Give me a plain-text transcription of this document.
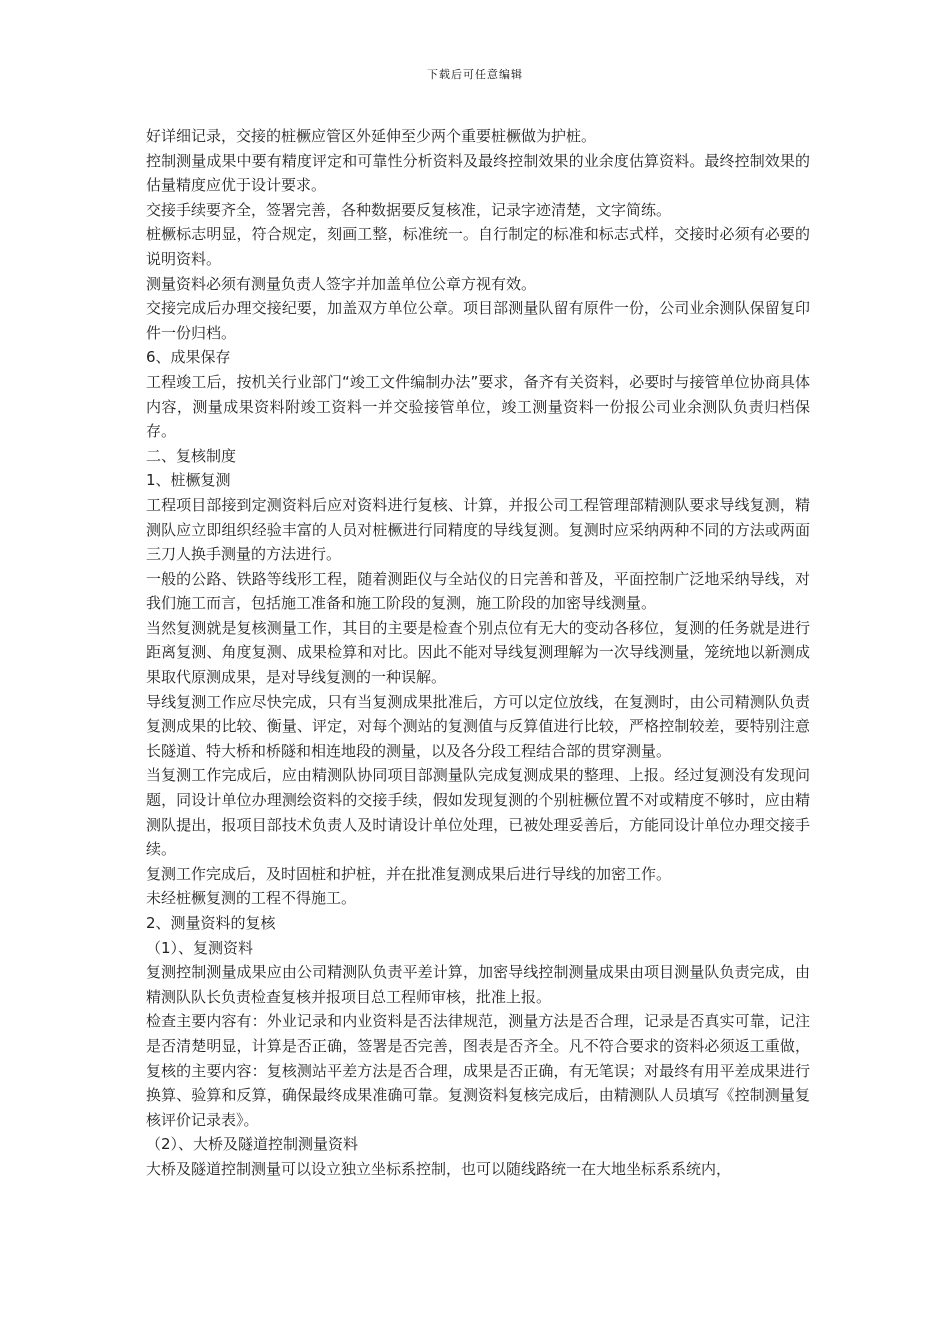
下载后可任意编辑

好详细记录，交接的桩橛应管区外延伸至少两个重要桩橛做为护桩。

控制测量成果中要有精度评定和可靠性分析资料及最终控制效果的业余度估算资料。最终控制效果的估量精度应优于设计要求。

交接手续要齐全，签署完善，各种数据要反复核准，记录字迹清楚，文字简练。

桩橛标志明显，符合规定，刻画工整，标准统一。自行制定的标准和标志式样，交接时必须有必要的说明资料。

测量资料必须有测量负责人签字并加盖单位公章方视有效。

交接完成后办理交接纪要，加盖双方单位公章。项目部测量队留有原件一份，公司业余测队保留复印件一份归档。

6、成果保存

工程竣工后，按机关行业部门“竣工文件编制办法”要求，备齐有关资料，必要时与接管单位协商具体内容，测量成果资料附竣工资料一并交验接管单位，竣工测量资料一份报公司业余测队负责归档保存。

二、复核制度

1、桩橛复测

工程项目部接到定测资料后应对资料进行复核、计算，并报公司工程管理部精测队要求导线复测，精测队应立即组织经验丰富的人员对桩橛进行同精度的导线复测。复测时应采纳两种不同的方法或两面三刀人换手测量的方法进行。

一般的公路、铁路等线形工程，随着测距仪与全站仪的日完善和普及，平面控制广泛地采纳导线，对我们施工而言，包括施工准备和施工阶段的复测，施工阶段的加密导线测量。

当然复测就是复核测量工作，其目的主要是检查个别点位有无大的变动各移位，复测的任务就是进行距离复测、角度复测、成果检算和对比。因此不能对导线复测理解为一次导线测量，笼统地以新测成果取代原测成果，是对导线复测的一种误解。

导线复测工作应尽快完成，只有当复测成果批准后，方可以定位放线，在复测时，由公司精测队负责复测成果的比较、衡量、评定，对每个测站的复测值与反算值进行比较，严格控制较差，要特别注意长隧道、特大桥和桥隧和相连地段的测量，以及各分段工程结合部的贯穿测量。

当复测工作完成后，应由精测队协同项目部测量队完成复测成果的整理、上报。经过复测没有发现问题，同设计单位办理测绘资料的交接手续，假如发现复测的个别桩橛位置不对或精度不够时，应由精测队提出，报项目部技术负责人及时请设计单位处理，已被处理妥善后，方能同设计单位办理交接手续。

复测工作完成后，及时固桩和护桩，并在批准复测成果后进行导线的加密工作。

未经桩橛复测的工程不得施工。

2、测量资料的复核

（1）、复测资料

复测控制测量成果应由公司精测队负责平差计算，加密导线控制测量成果由项目测量队负责完成，由精测队队长负责检查复核并报项目总工程师审核，批准上报。

检查主要内容有：外业记录和内业资料是否法律规范，测量方法是否合理，记录是否真实可靠，记注是否清楚明显，计算是否正确，签署是否完善，图表是否齐全。凡不符合要求的资料必须返工重做，复核的主要内容：复核测站平差方法是否合理，成果是否正确，有无笔误；对最终有用平差成果进行换算、验算和反算，确保最终成果准确可靠。复测资料复核完成后，由精测队人员填写《控制测量复核评价记录表》。

（2）、大桥及隧道控制测量资料

大桥及隧道控制测量可以设立独立坐标系控制，也可以随线路统一在大地坐标系系统内，
